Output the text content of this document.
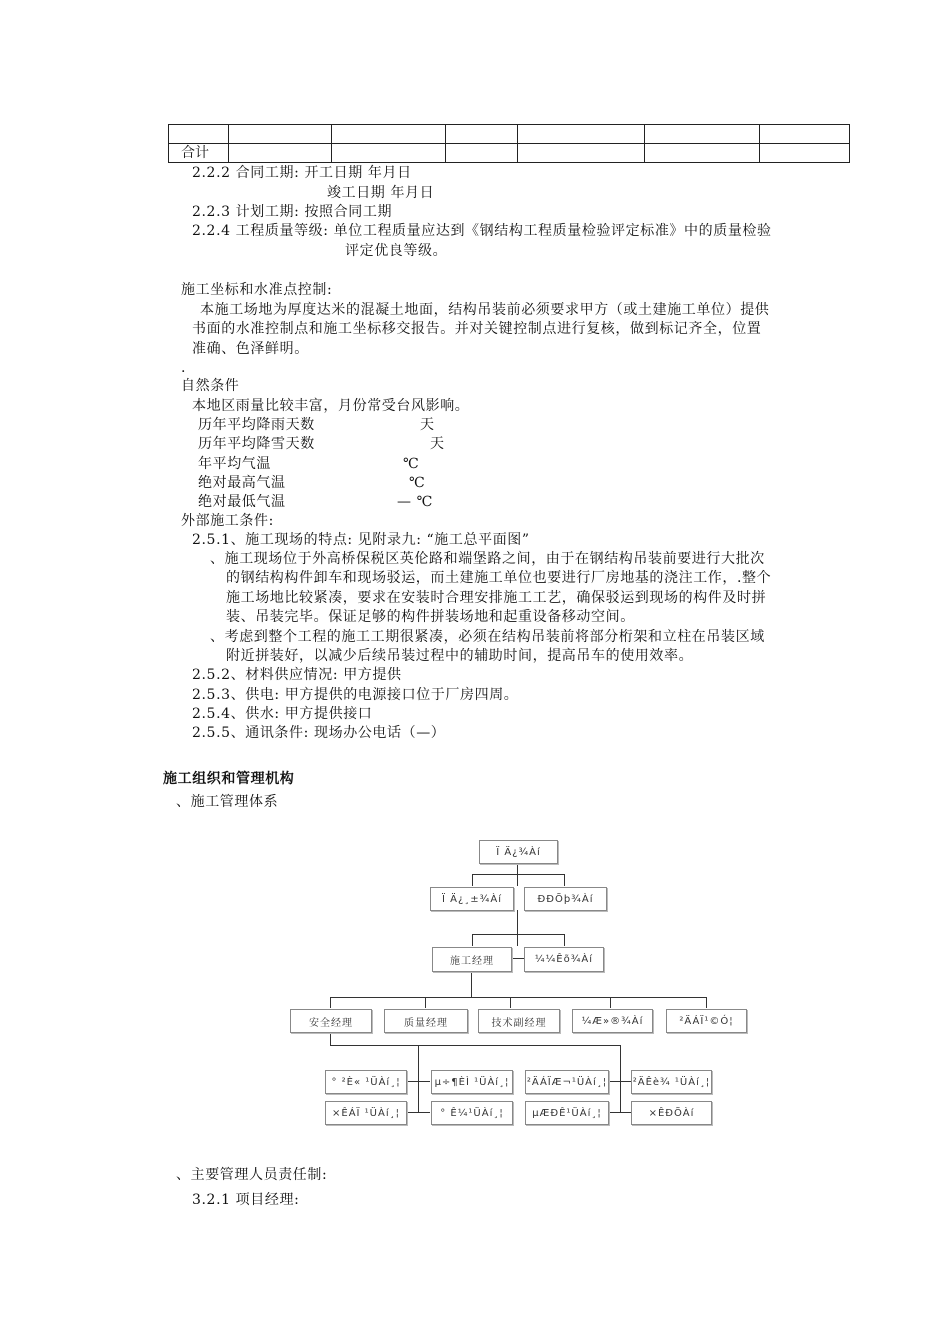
合计						
2.2.2 合同工期: 开工日期 年月日
竣工日期 年月日
2.2.3 计划工期: 按照合同工期
2.2.4 工程质量等级: 单位工程质量应达到《钢结构工程质量检验评定标准》中的质量检验
评定优良等级。
施工坐标和水准点控制:
本施工场地为厚度达米的混凝土地面，结构吊装前必须要求甲方（或土建施工单位）提供
书面的水准控制点和施工坐标移交报告。并对关键控制点进行复核，做到标记齐全，位置
准确、色泽鲜明。
.
自然条件
本地区雨量比较丰富，月份常受台风影响。
历年平均降雨天数	天
历年平均降雪天数	天
年平均气温	℃
绝对最高气温	℃
绝对最低气温	— ℃
外部施工条件:
2.5.1、施工现场的特点: 见附录九: “施工总平面图”
、施工现场位于外高桥保税区英伦路和端堡路之间，由于在钢结构吊装前要进行大批次
的钢结构构件卸车和现场驳运，而土建施工单位也要进行厂房地基的浇注工作，.整个
施工场地比较紧凑，要求在安装时合理安排施工工艺，确保驳运到现场的构件及时拼
装、吊装完毕。保证足够的构件拼装场地和起重设备移动空间。
、考虑到整个工程的施工工期很紧凑，必须在结构吊装前将部分桁架和立柱在吊装区域
附近拼装好，以减少后续吊装过程中的辅助时间，提高吊车的使用效率。
2.5.2、材料供应情况: 甲方提供
2.5.3、供电: 甲方提供的电源接口位于厂房四周。
2.5.4、供水: 甲方提供接口
2.5.5、通讯条件: 现场办公电话（—）
施工组织和管理机构
、施工管理体系
Ï Ä¿¾Àí
Ï Ä¿¸±¾Àí	ÐÐÕþ¾Àí
施工经理	¼¼Êõ¾Àí
安全经理	质量经理	技术副经理	¼Æ»®¾Àí	²ÄÁÏ¹©Ó¦
° ²È« ¹ÜÀí¸¦	µ÷¶ÈÌ ¹ÜÀí¸¦	²ÄÁÏÆ¬¹ÜÀí¸¦	²ÄÊè¾ ¹ÜÀí¸¦
×ÊÁÏ ¹ÜÀí¸¦	° Ê¼¹ÜÀí¸¦	µÆÐÊ¹ÜÀí¸¦	×ÊÐÕÀí
、主要管理人员责任制:
3.2.1 项目经理:
